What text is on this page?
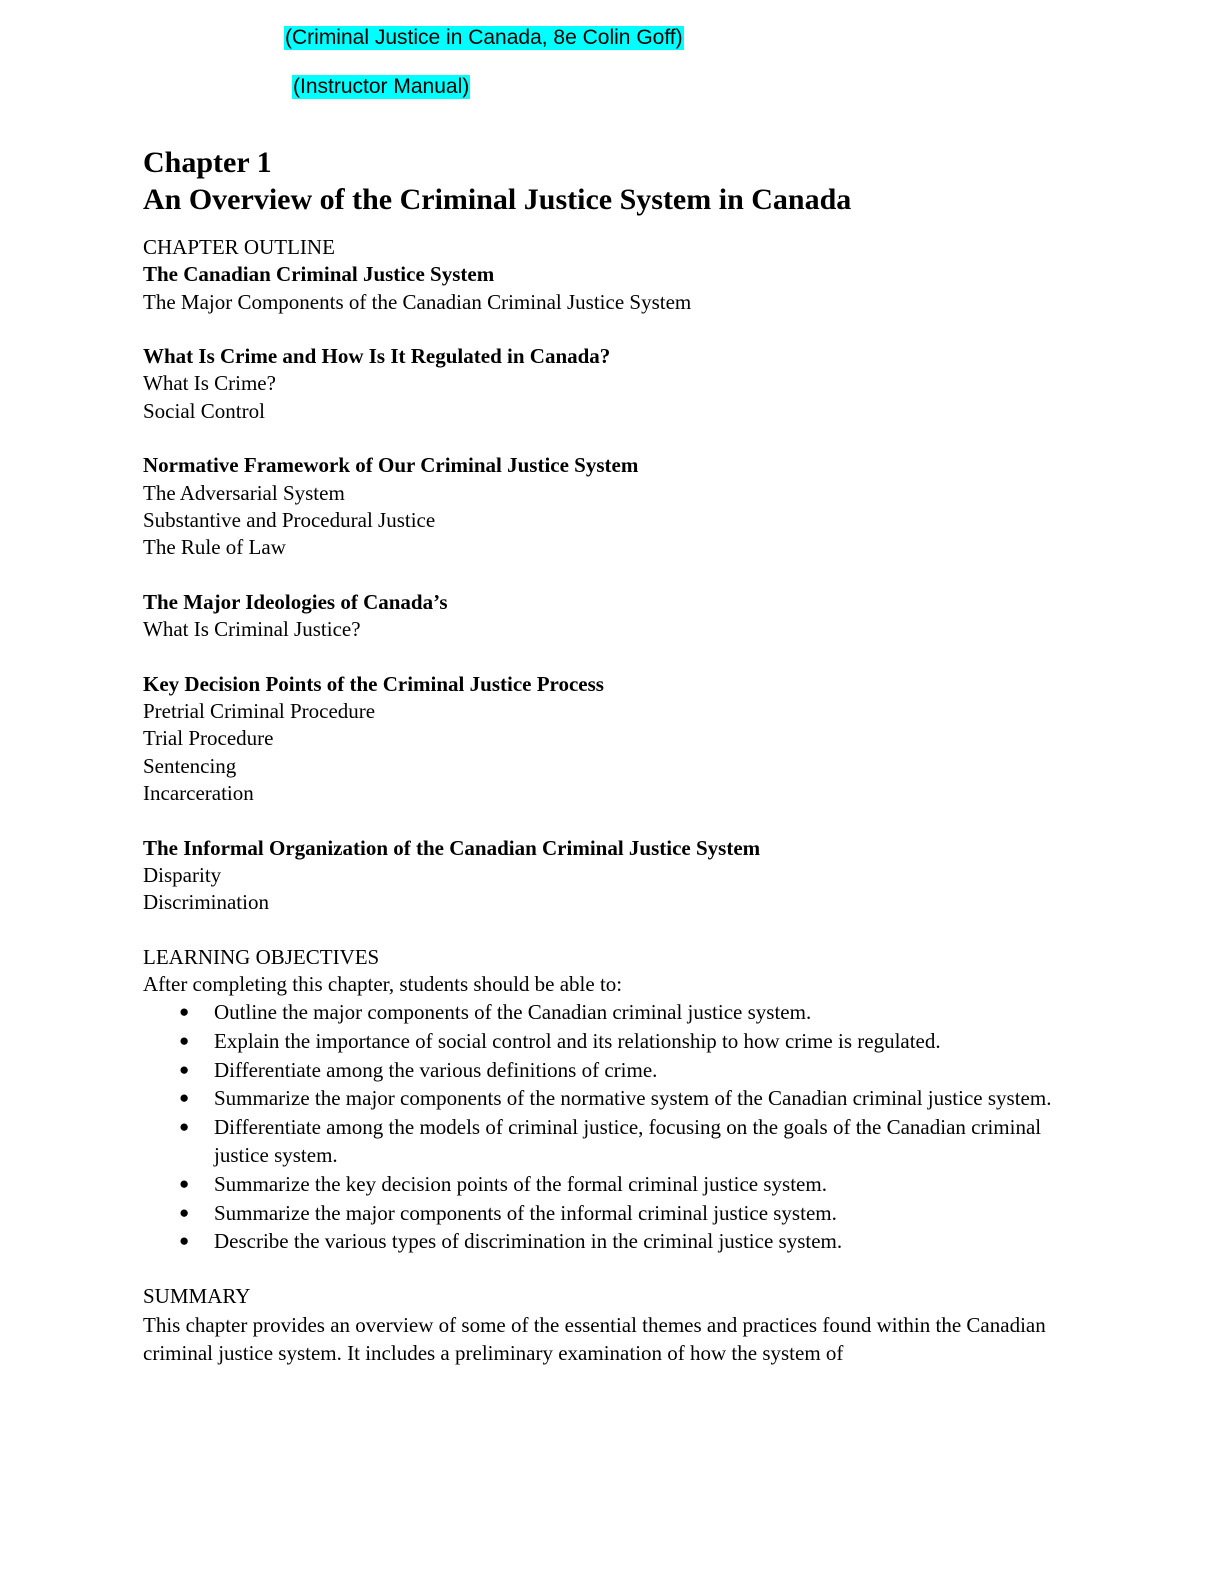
(Criminal Justice in Canada, 8e Colin Goff)
(Instructor Manual)
Chapter 1
An Overview of the Criminal Justice System in Canada
CHAPTER OUTLINE
The Canadian Criminal Justice System
The Major Components of the Canadian Criminal Justice System
What Is Crime and How Is It Regulated in Canada?
What Is Crime?
Social Control
Normative Framework of Our Criminal Justice System
The Adversarial System
Substantive and Procedural Justice
The Rule of Law
The Major Ideologies of Canada’s
What Is Criminal Justice?
Key Decision Points of the Criminal Justice Process
Pretrial Criminal Procedure
Trial Procedure
Sentencing
Incarceration
The Informal Organization of the Canadian Criminal Justice System
Disparity
Discrimination
LEARNING OBJECTIVES
After completing this chapter, students should be able to:
● Outline the major components of the Canadian criminal justice system.
● Explain the importance of social control and its relationship to how crime is regulated.
● Differentiate among the various definitions of crime.
● Summarize the major components of the normative system of the Canadian criminal justice system.
● Differentiate among the models of criminal justice, focusing on the goals of the Canadian criminal justice system.
● Summarize the key decision points of the formal criminal justice system.
● Summarize the major components of the informal criminal justice system.
● Describe the various types of discrimination in the criminal justice system.
SUMMARY
This chapter provides an overview of some of the essential themes and practices found within the Canadian criminal justice system. It includes a preliminary examination of how the system of
